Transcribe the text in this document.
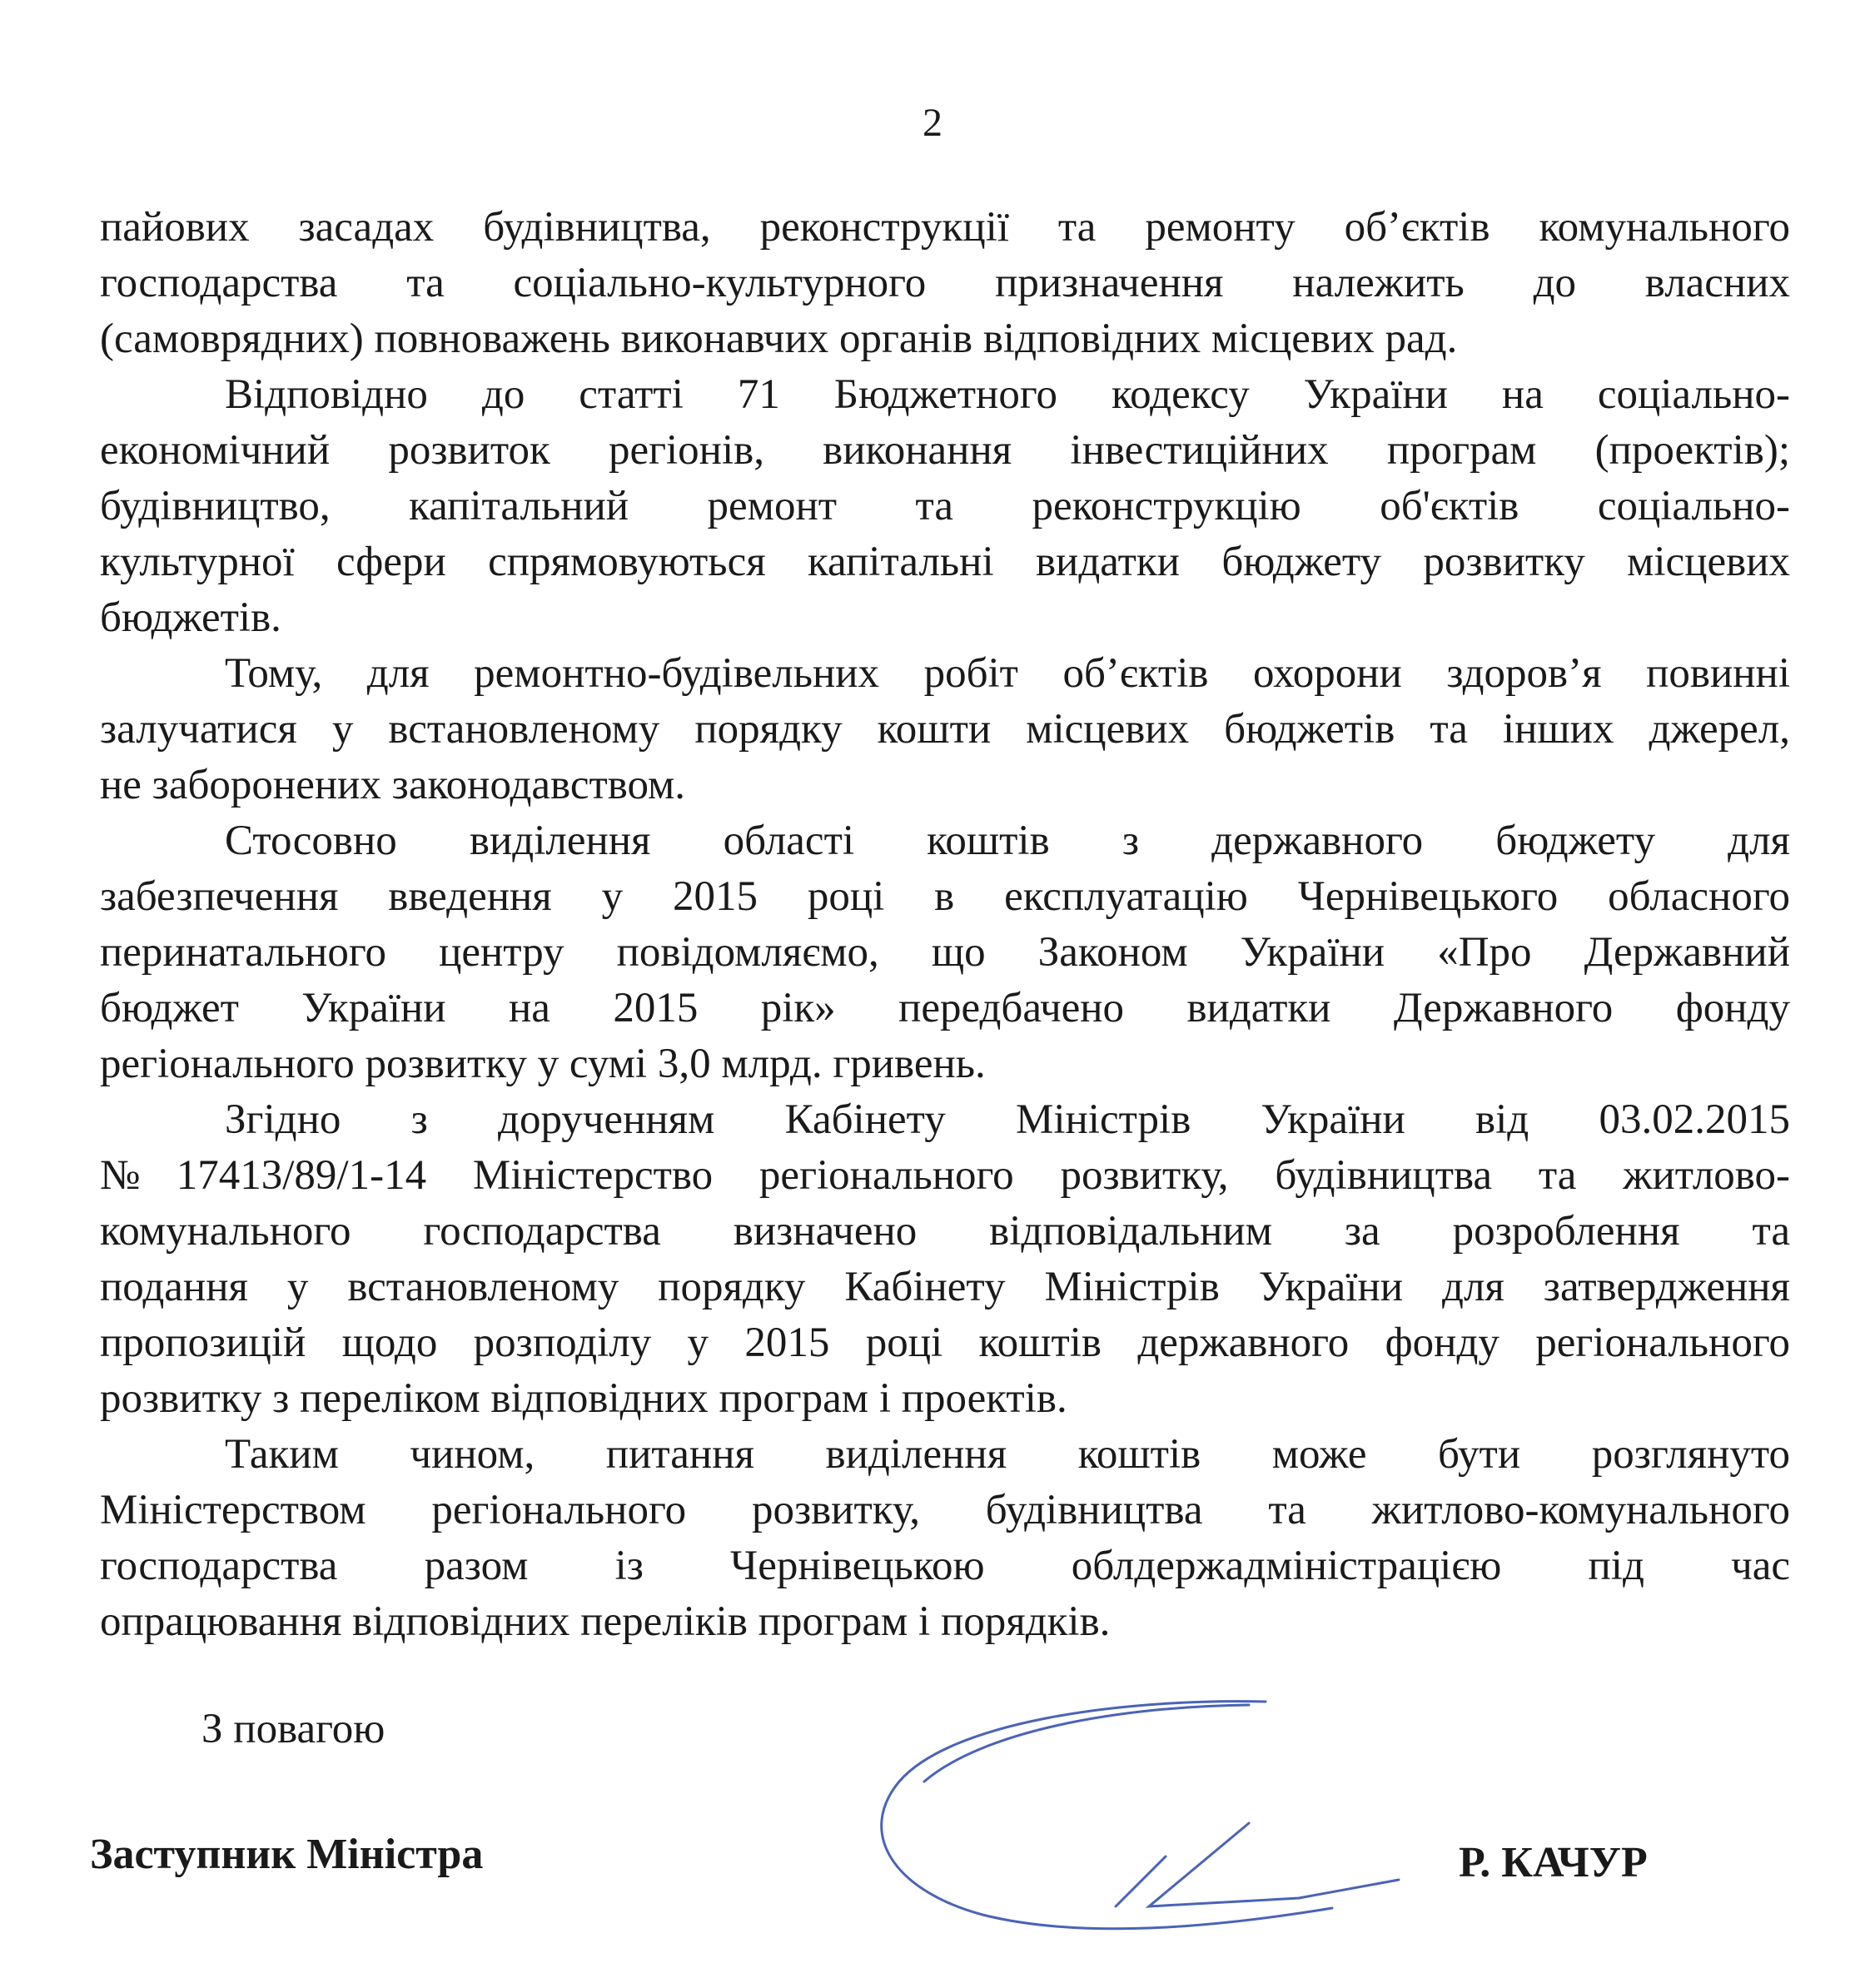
2
пайових засадах будівництва, реконструкції та ремонту об’єктів комунального
господарства та соціально-культурного призначення належить до власних
(самоврядних) повноважень виконавчих органів відповідних місцевих рад.
Відповідно до статті 71 Бюджетного кодексу України на соціально-
економічний розвиток регіонів, виконання інвестиційних програм (проектів);
будівництво, капітальний ремонт та реконструкцію об'єктів соціально-
культурної сфери спрямовуються капітальні видатки бюджету розвитку місцевих
бюджетів.
Тому, для ремонтно-будівельних робіт об’єктів охорони здоров’я повинні
залучатися у встановленому порядку кошти місцевих бюджетів та інших джерел,
не заборонених законодавством.
Стосовно виділення області коштів з державного бюджету для
забезпечення введення у 2015 році в експлуатацію Чернівецького обласного
перинатального центру повідомляємо, що Законом України «Про Державний
бюджет України на 2015 рік» передбачено видатки Державного фонду
регіонального розвитку у сумі 3,0 млрд. гривень.
Згідно з дорученням Кабінету Міністрів України від 03.02.2015
№17413/89/1-14 Міністерство регіонального розвитку, будівництва та житлово-
комунального господарства визначено відповідальним за розроблення та
подання у встановленому порядку Кабінету Міністрів України для затвердження
пропозицій щодо розподілу у 2015 році коштів державного фонду регіонального
розвитку з переліком відповідних програм і проектів.
Таким чином, питання виділення коштів може бути розглянуто
Міністерством регіонального розвитку, будівництва та житлово-комунального
господарства разом із Чернівецькою облдержадміністрацією під час
опрацювання відповідних переліків програм і порядків.
З повагою
Заступник Міністра	Р. КАЧУР
